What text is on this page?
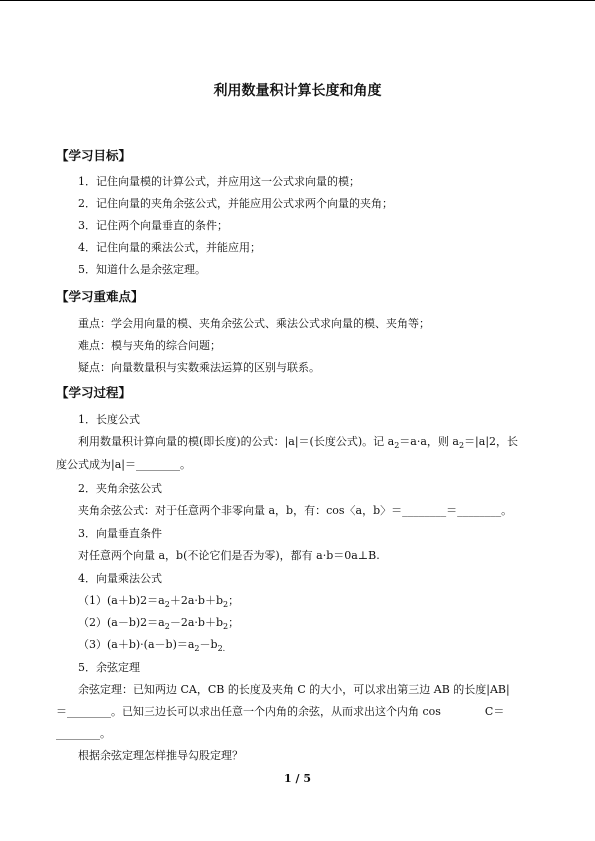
利用数量积计算长度和角度
【学习目标】
1．记住向量模的计算公式，并应用这一公式求向量的模；
2．记住向量的夹角余弦公式，并能应用公式求两个向量的夹角；
3．记住两个向量垂直的条件；
4．记住向量的乘法公式，并能应用；
5．知道什么是余弦定理。
【学习重难点】
重点：学会用向量的模、夹角余弦公式、乘法公式求向量的模、夹角等；
难点：模与夹角的综合问题；
疑点：向量数量积与实数乘法运算的区别与联系。
【学习过程】
1．长度公式
利用数量积计算向量的模(即长度)的公式：|a|＝(长度公式)。记 $a_2=a\cdot a$，则 $a_2=|a|2$，长
度公式成为|a|＝________。
2．夹角余弦公式
夹角余弦公式：对于任意两个非零向量 a，b，有：cos〈a，b〉＝________＝________。
3．向量垂直条件
对任意两个向量 a，b(不论它们是否为零)，都有 a·b＝0a⊥B.
4．向量乘法公式
$(1)(a+b)2=a_2+2a\cdot b+b_2$；
$(2)(a-b)2=a_2-2a\cdot b+b_2$；
$(3)(a+b)\cdot(a-b)=a_2-b_{2.}$
5．余弦定理
余弦定理：已知两边 CA，CB 的长度及夹角 C 的大小，可以求出第三边 AB 的长度|AB|
＝________。已知三边长可以求出任意一个内角的余弦，从而求出这个内角 cos　　　　C＝
________。
根据余弦定理怎样推导勾股定理？
1 / 5
